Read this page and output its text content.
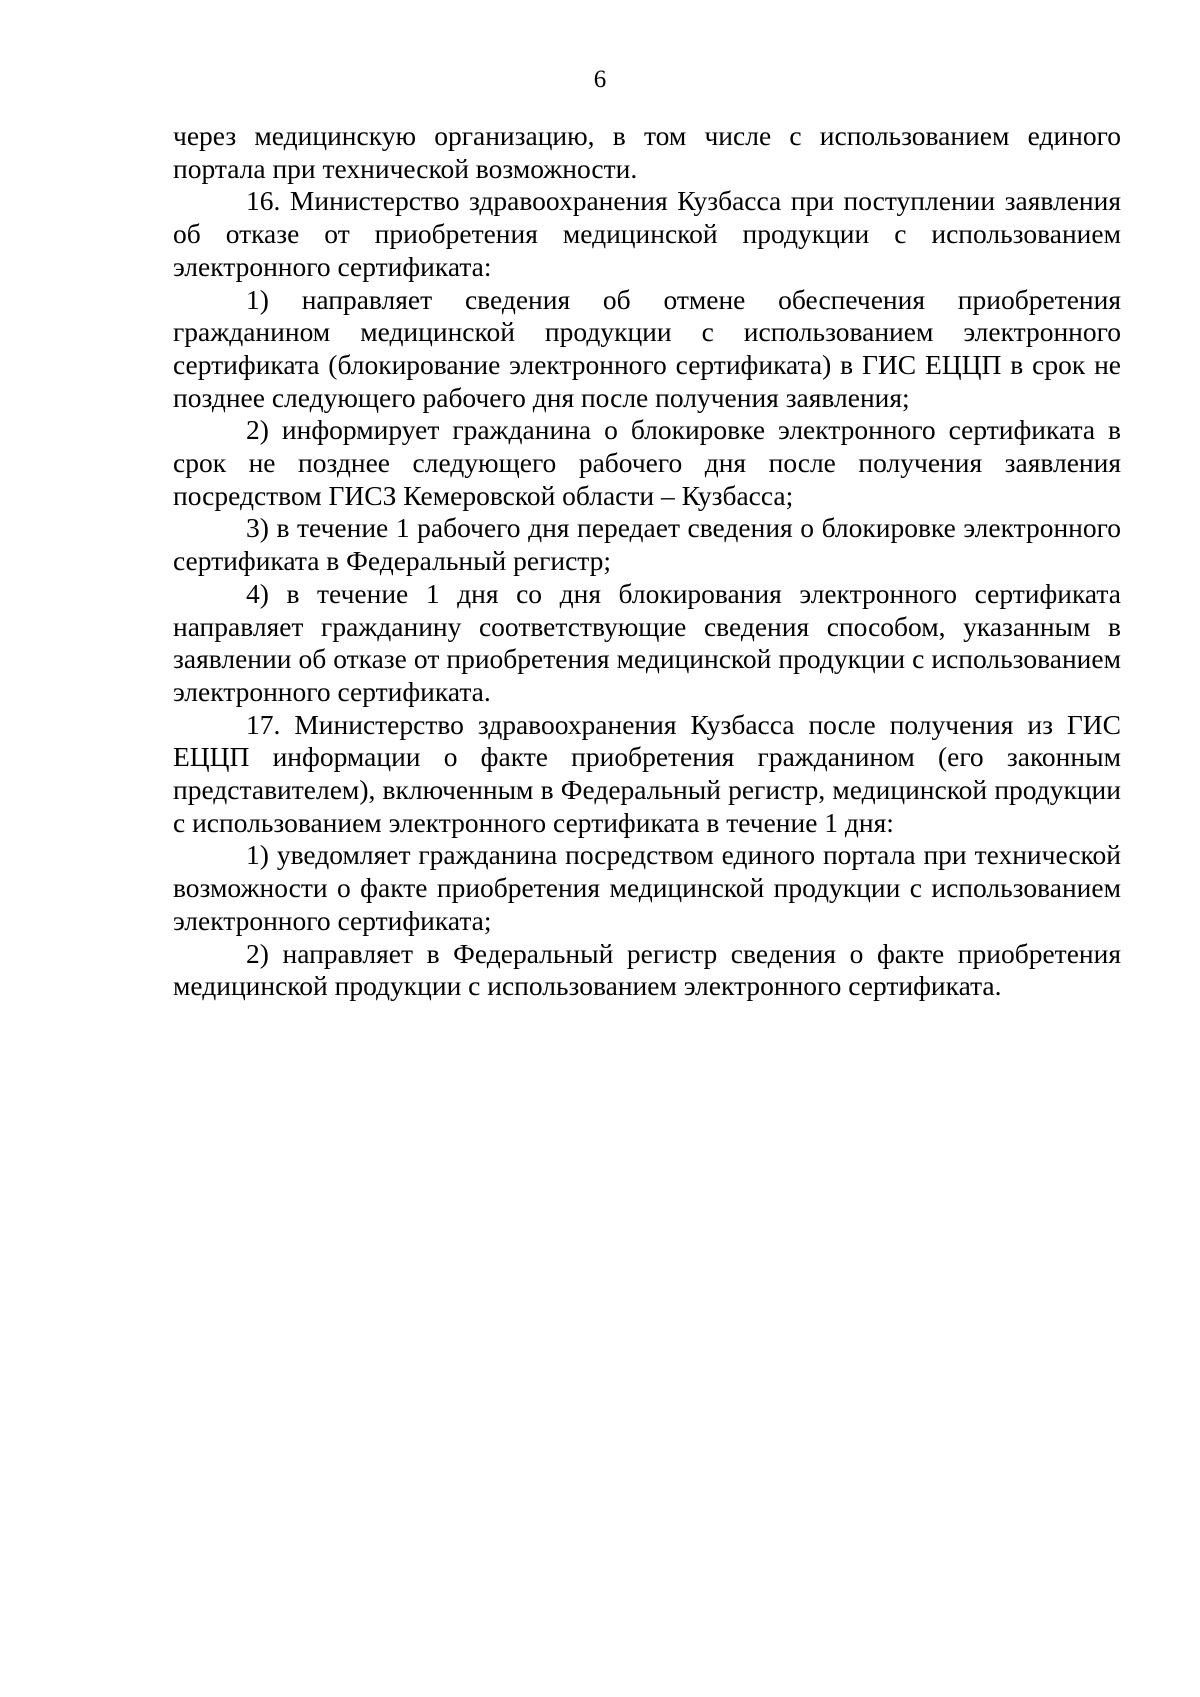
6

через медицинскую организацию, в том числе с использованием единого портала при технической возможности.

16. Министерство здравоохранения Кузбасса при поступлении заявления об отказе от приобретения медицинской продукции с использованием электронного сертификата:

1) направляет сведения об отмене обеспечения приобретения гражданином медицинской продукции с использованием электронного сертификата (блокирование электронного сертификата) в ГИС ЕЦЦП в срок не позднее следующего рабочего дня после получения заявления;

2) информирует гражданина о блокировке электронного сертификата в срок не позднее следующего рабочего дня после получения заявления посредством ГИСЗ Кемеровской области – Кузбасса;

3) в течение 1 рабочего дня передает сведения о блокировке электронного сертификата в Федеральный регистр;

4) в течение 1 дня со дня блокирования электронного сертификата направляет гражданину соответствующие сведения способом, указанным в заявлении об отказе от приобретения медицинской продукции с использованием электронного сертификата.

17. Министерство здравоохранения Кузбасса после получения из ГИС ЕЦЦП информации о факте приобретения гражданином (его законным представителем), включенным в Федеральный регистр, медицинской продукции с использованием электронного сертификата в течение 1 дня:

1) уведомляет гражданина посредством единого портала при технической возможности о факте приобретения медицинской продукции с использованием электронного сертификата;

2) направляет в Федеральный регистр сведения о факте приобретения медицинской продукции с использованием электронного сертификата.
